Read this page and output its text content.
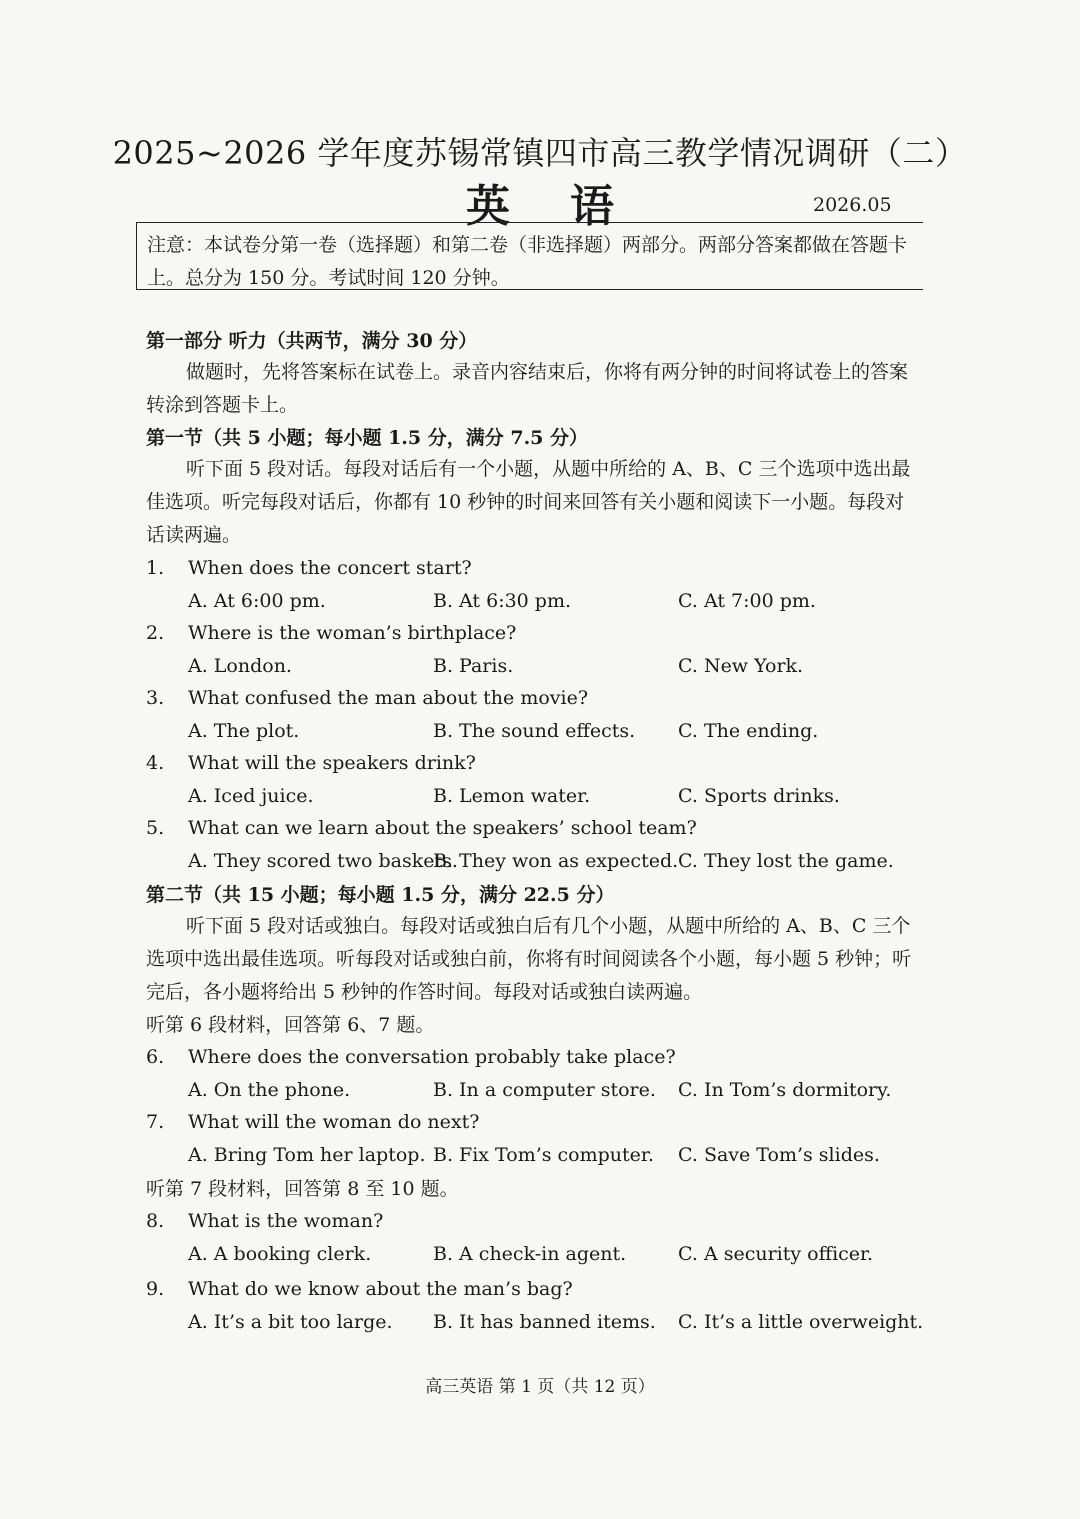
2025~2026 学年度苏锡常镇四市高三教学情况调研（二）
英语	2026.05
注意：本试卷分第一卷（选择题）和第二卷（非选择题）两部分。两部分答案都做在答题卡上。总分为 150 分。考试时间 120 分钟。
第一部分 听力（共两节，满分 30 分）
做题时，先将答案标在试卷上。录音内容结束后，你将有两分钟的时间将试卷上的答案转涂到答题卡上。
第一节（共 5 小题；每小题 1.5 分，满分 7.5 分）
听下面 5 段对话。每段对话后有一个小题，从题中所给的 A、B、C 三个选项中选出最佳选项。听完每段对话后，你都有 10 秒钟的时间来回答有关小题和阅读下一小题。每段对话读两遍。
1. When does the concert start?
A. At 6:00 pm.	B. At 6:30 pm.	C. At 7:00 pm.
2. Where is the woman’s birthplace?
A. London.	B. Paris.	C. New York.
3. What confused the man about the movie?
A. The plot.	B. The sound effects. C. The ending.
4. What will the speakers drink?
A. Iced juice.	B. Lemon water.	C. Sports drinks.
5. What can we learn about the speakers’ school team?
A. They scored two baskets.
B. They won as expected. C. They lost the game.
第二节（共 15 小题；每小题 1.5 分，满分 22.5 分）
听下面 5 段对话或独白。每段对话或独白后有几个小题，从题中所给的 A、B、C 三个选项中选出最佳选项。听每段对话或独白前，你将有时间阅读各个小题，每小题 5 秒钟；听完后，各小题将给出 5 秒钟的作答时间。每段对话或独白读两遍。
听第 6 段材料，回答第 6、7 题。
6. Where does the conversation probably take place?
A. On the phone.	B. In a computer store. C. In Tom’s dormitory.
7. What will the woman do next?
A. Bring Tom her laptop. B. Fix Tom’s computer. C. Save Tom’s slides.
听第 7 段材料，回答第 8 至 10 题。
8. What is the woman?
A. A booking clerk.	B. A check-in agent.	C. A security officer.
9. What do we know about the man’s bag?
A. It’s a bit too large. B. It has banned items. C. It’s a little overweight.
高三英语 第 1 页（共 12 页）
